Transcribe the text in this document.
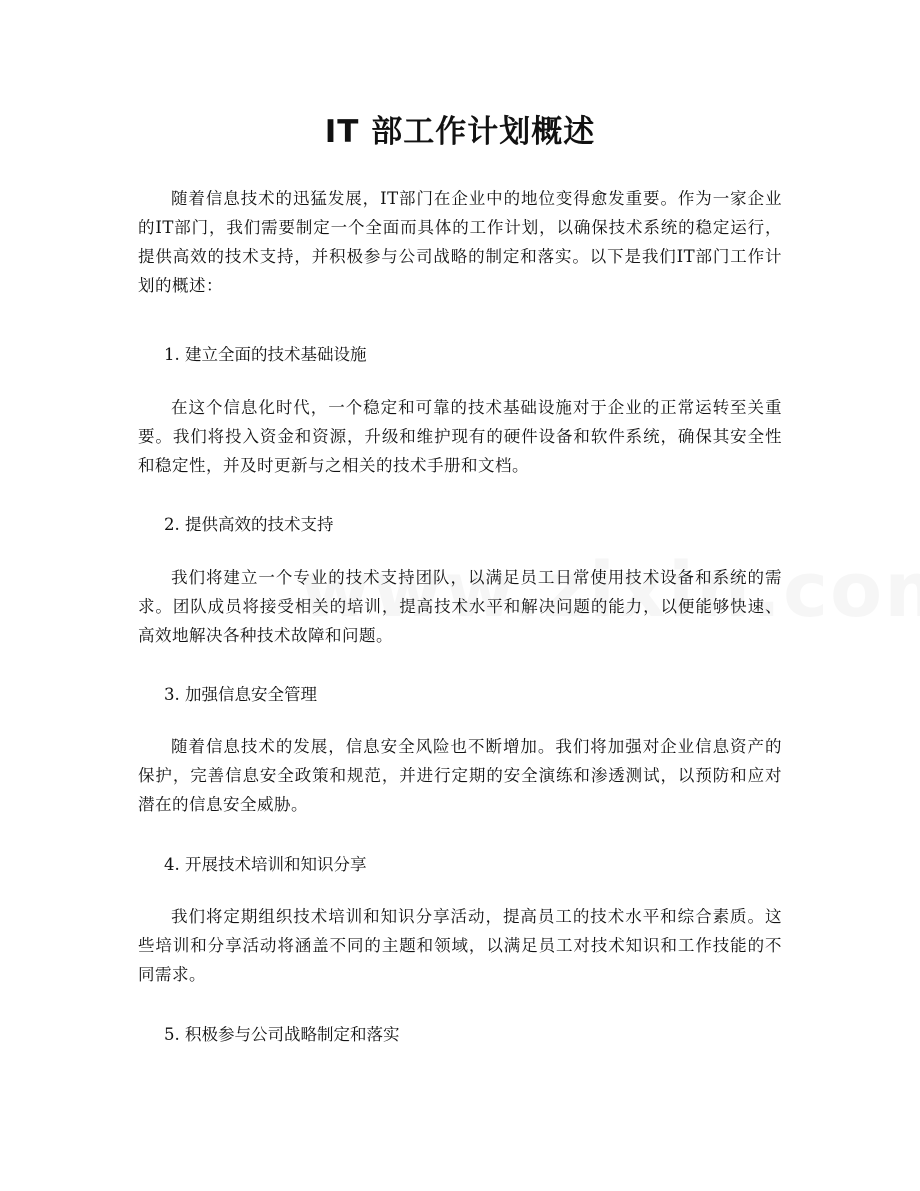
IT 部工作计划概述

随着信息技术的迅猛发展，IT部门在企业中的地位变得愈发重要。作为一家企业的IT部门，我们需要制定一个全面而具体的工作计划，以确保技术系统的稳定运行，提供高效的技术支持，并积极参与公司战略的制定和落实。以下是我们IT部门工作计划的概述：

1. 建立全面的技术基础设施

在这个信息化时代，一个稳定和可靠的技术基础设施对于企业的正常运转至关重要。我们将投入资金和资源，升级和维护现有的硬件设备和软件系统，确保其安全性和稳定性，并及时更新与之相关的技术手册和文档。

2. 提供高效的技术支持

我们将建立一个专业的技术支持团队，以满足员工日常使用技术设备和系统的需求。团队成员将接受相关的培训，提高技术水平和解决问题的能力，以便能够快速、高效地解决各种技术故障和问题。

3. 加强信息安全管理

随着信息技术的发展，信息安全风险也不断增加。我们将加强对企业信息资产的保护，完善信息安全政策和规范，并进行定期的安全演练和渗透测试，以预防和应对潜在的信息安全威胁。

4. 开展技术培训和知识分享

我们将定期组织技术培训和知识分享活动，提高员工的技术水平和综合素质。这些培训和分享活动将涵盖不同的主题和领域，以满足员工对技术知识和工作技能的不同需求。

5. 积极参与公司战略制定和落实
